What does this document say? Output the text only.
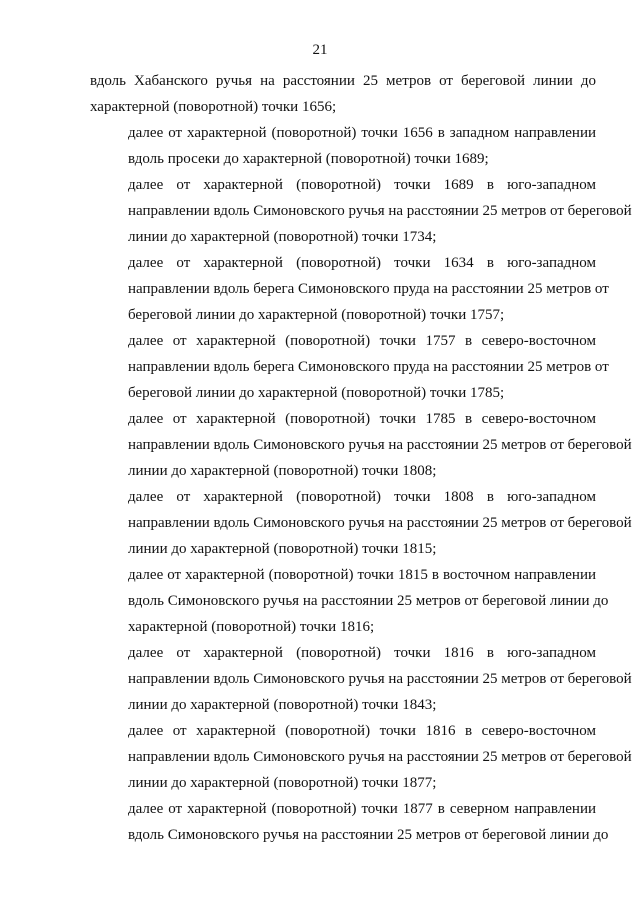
21
вдоль Хабанского ручья на расстоянии 25 метров от береговой линии до
характерной (поворотной) точки 1656;
далее от характерной (поворотной) точки 1656 в западном направлении
вдоль просеки до характерной (поворотной) точки 1689;
далее от характерной (поворотной) точки 1689 в юго-западном
направлении вдоль Симоновского ручья на расстоянии 25 метров от береговой
линии до характерной (поворотной) точки 1734;
далее от характерной (поворотной) точки 1634 в юго-западном
направлении вдоль берега Симоновского пруда на расстоянии 25 метров от
береговой линии до характерной (поворотной) точки 1757;
далее от характерной (поворотной) точки 1757 в северо-восточном
направлении вдоль берега Симоновского пруда на расстоянии 25 метров от
береговой линии до характерной (поворотной) точки 1785;
далее от характерной (поворотной) точки 1785 в северо-восточном
направлении вдоль Симоновского ручья на расстоянии 25 метров от береговой
линии до характерной (поворотной) точки 1808;
далее от характерной (поворотной) точки 1808 в юго-западном
направлении вдоль Симоновского ручья на расстоянии 25 метров от береговой
линии до характерной (поворотной) точки 1815;
далее от характерной (поворотной) точки 1815 в восточном направлении
вдоль Симоновского ручья на расстоянии 25 метров от береговой линии до
характерной (поворотной) точки 1816;
далее от характерной (поворотной) точки 1816 в юго-западном
направлении вдоль Симоновского ручья на расстоянии 25 метров от береговой
линии до характерной (поворотной) точки 1843;
далее от характерной (поворотной) точки 1816 в северо-восточном
направлении вдоль Симоновского ручья на расстоянии 25 метров от береговой
линии до характерной (поворотной) точки 1877;
далее от характерной (поворотной) точки 1877 в северном направлении
вдоль Симоновского ручья на расстоянии 25 метров от береговой линии до
